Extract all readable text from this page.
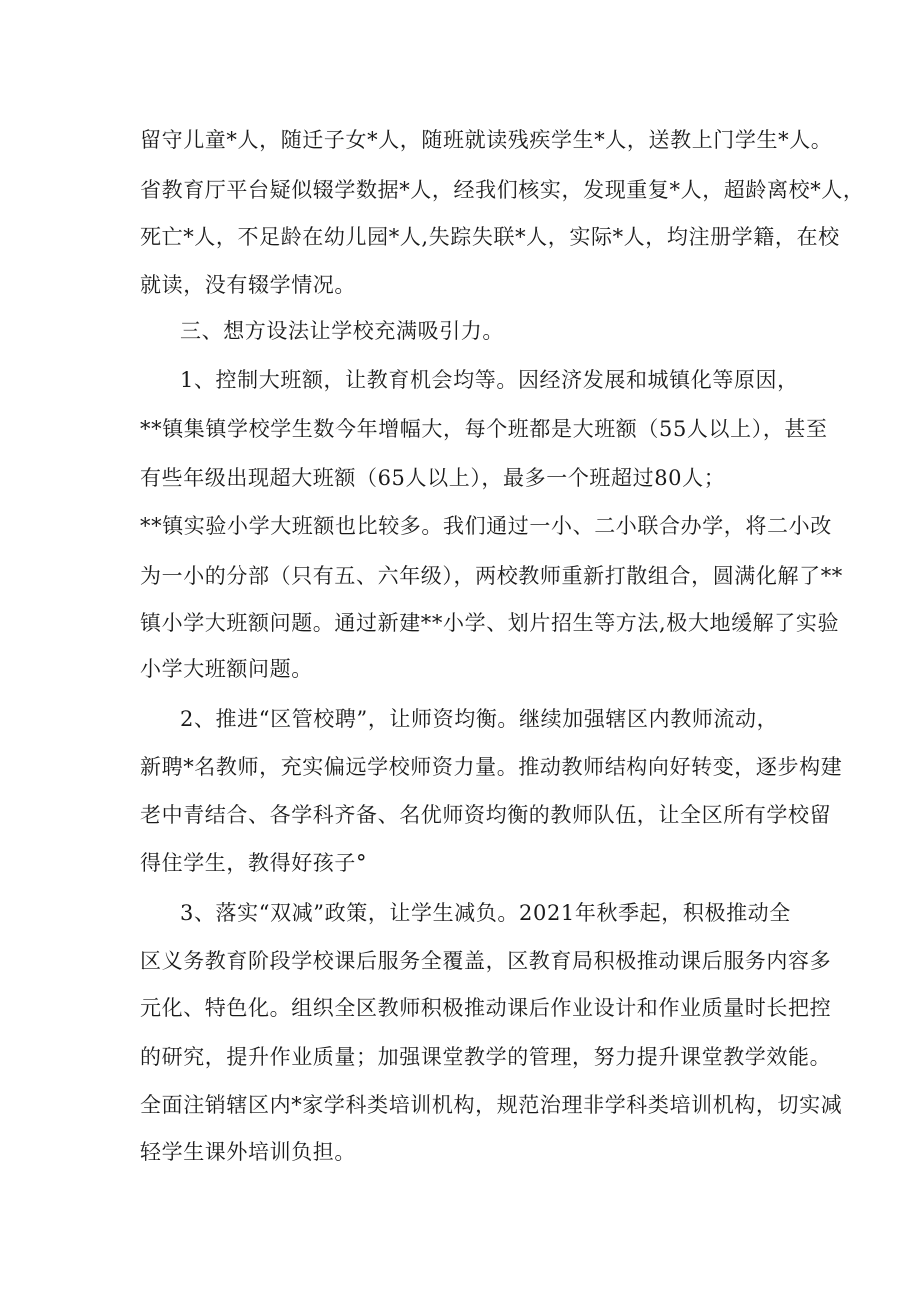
留守儿童*人，随迁子女*人，随班就读残疾学生*人，送教上门学生*人。
省教育厅平台疑似辍学数据*人，经我们核实，发现重复*人，超龄离校*人，
死亡*人，不足龄在幼儿园*人,失踪失联*人，实际*人，均注册学籍，在校
就读，没有辍学情况。
三、想方设法让学校充满吸引力。
1、控制大班额，让教育机会均等。因经济发展和城镇化等原因，
**镇集镇学校学生数今年增幅大，每个班都是大班额（55人以上），甚至
有些年级出现超大班额（65人以上），最多一个班超过80人；
**镇实验小学大班额也比较多。我们通过一小、二小联合办学，将二小改
为一小的分部（只有五、六年级），两校教师重新打散组合，圆满化解了**
镇小学大班额问题。通过新建**小学、划片招生等方法,极大地缓解了实验
小学大班额问题。
2、推进“区管校聘”，让师资均衡。继续加强辖区内教师流动，
新聘*名教师，充实偏远学校师资力量。推动教师结构向好转变，逐步构建
老中青结合、各学科齐备、名优师资均衡的教师队伍，让全区所有学校留
得住学生，教得好孩子°
3、落实“双减”政策，让学生减负。2021年秋季起，积极推动全
区义务教育阶段学校课后服务全覆盖，区教育局积极推动课后服务内容多
元化、特色化。组织全区教师积极推动课后作业设计和作业质量时长把控
的研究，提升作业质量；加强课堂教学的管理，努力提升课堂教学效能。
全面注销辖区内*家学科类培训机构，规范治理非学科类培训机构，切实减
轻学生课外培训负担。
